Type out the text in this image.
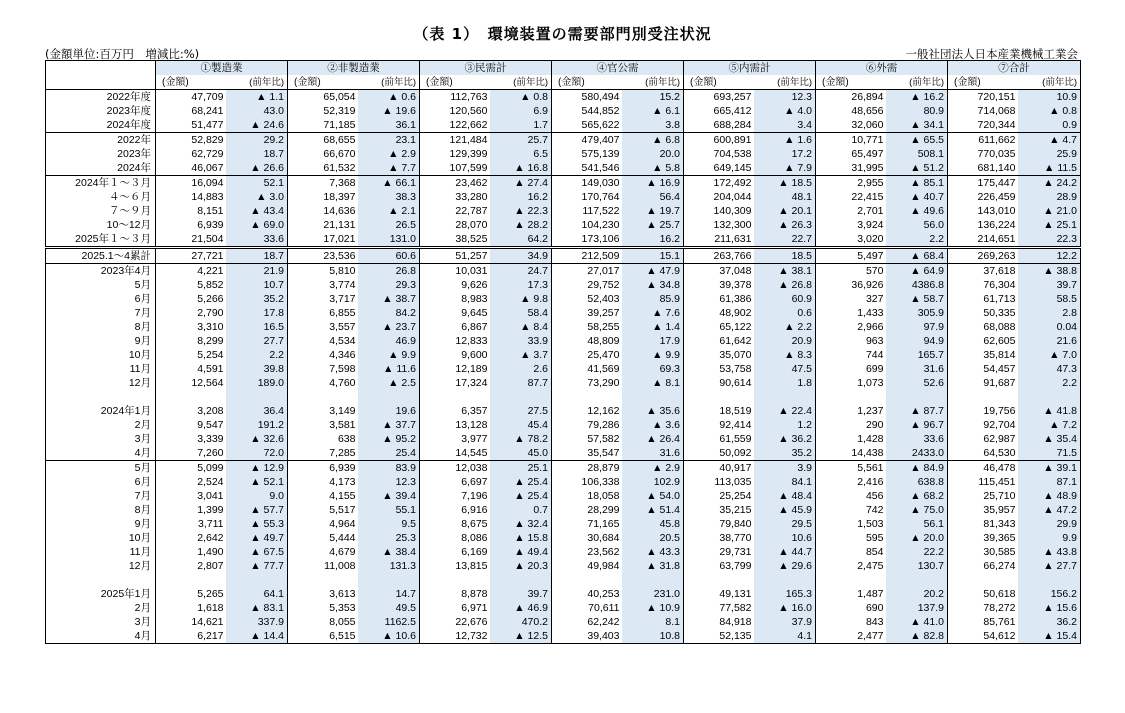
（表 1）　環境装置の需要部門別受注状況
(金額単位:百万円　増減比:%)	一般社団法人日本産業機械工業会
	①製造業		②非製造業		③民需計		④官公需		⑤内需計		⑥外需		⑦合計	
	(金額)	(前年比)	(金額)	(前年比)	(金額)	(前年比)	(金額)	(前年比)	(金額)	(前年比)	(金額)	(前年比)	(金額)	(前年比)
2022年度	47,709	▲ 1.1	65,054	▲ 0.6	112,763	▲ 0.8	580,494	15.2	693,257	12.3	26,894	▲ 16.2	720,151	10.9
2023年度	68,241	43.0	52,319	▲ 19.6	120,560	6.9	544,852	▲ 6.1	665,412	▲ 4.0	48,656	80.9	714,068	▲ 0.8
2024年度	51,477	▲ 24.6	71,185	36.1	122,662	1.7	565,622	3.8	688,284	3.4	32,060	▲ 34.1	720,344	0.9
2022年	52,829	29.2	68,655	23.1	121,484	25.7	479,407	▲ 6.8	600,891	▲ 1.6	10,771	▲ 65.5	611,662	▲ 4.7
2023年	62,729	18.7	66,670	▲ 2.9	129,399	6.5	575,139	20.0	704,538	17.2	65,497	508.1	770,035	25.9
2024年	46,067	▲ 26.6	61,532	▲ 7.7	107,599	▲ 16.8	541,546	▲ 5.8	649,145	▲ 7.9	31,995	▲ 51.2	681,140	▲ 11.5
2024年１～３月	16,094	52.1	7,368	▲ 66.1	23,462	▲ 27.4	149,030	▲ 16.9	172,492	▲ 18.5	2,955	▲ 85.1	175,447	▲ 24.2
４～６月	14,883	▲ 3.0	18,397	38.3	33,280	16.2	170,764	56.4	204,044	48.1	22,415	▲ 40.7	226,459	28.9
７～９月	8,151	▲ 43.4	14,636	▲ 2.1	22,787	▲ 22.3	117,522	▲ 19.7	140,309	▲ 20.1	2,701	▲ 49.6	143,010	▲ 21.0
10～12月	6,939	▲ 69.0	21,131	26.5	28,070	▲ 28.2	104,230	▲ 25.7	132,300	▲ 26.3	3,924	56.0	136,224	▲ 25.1
2025年１～３月	21,504	33.6	17,021	131.0	38,525	64.2	173,106	16.2	211,631	22.7	3,020	2.2	214,651	22.3
2025.1～4累計	27,721	18.7	23,536	60.6	51,257	34.9	212,509	15.1	263,766	18.5	5,497	▲ 68.4	269,263	12.2
2023年4月	4,221	21.9	5,810	26.8	10,031	24.7	27,017	▲ 47.9	37,048	▲ 38.1	570	▲ 64.9	37,618	▲ 38.8
5月	5,852	10.7	3,774	29.3	9,626	17.3	29,752	▲ 34.8	39,378	▲ 26.8	36,926	4386.8	76,304	39.7
6月	5,266	35.2	3,717	▲ 38.7	8,983	▲ 9.8	52,403	85.9	61,386	60.9	327	▲ 58.7	61,713	58.5
7月	2,790	17.8	6,855	84.2	9,645	58.4	39,257	▲ 7.6	48,902	0.6	1,433	305.9	50,335	2.8
8月	3,310	16.5	3,557	▲ 23.7	6,867	▲ 8.4	58,255	▲ 1.4	65,122	▲ 2.2	2,966	97.9	68,088	0.04
9月	8,299	27.7	4,534	46.9	12,833	33.9	48,809	17.9	61,642	20.9	963	94.9	62,605	21.6
10月	5,254	2.2	4,346	▲ 9.9	9,600	▲ 3.7	25,470	▲ 9.9	35,070	▲ 8.3	744	165.7	35,814	▲ 7.0
11月	4,591	39.8	7,598	▲ 11.6	12,189	2.6	41,569	69.3	53,758	47.5	699	31.6	54,457	47.3
12月	12,564	189.0	4,760	▲ 2.5	17,324	87.7	73,290	▲ 8.1	90,614	1.8	1,073	52.6	91,687	2.2

2024年1月	3,208	36.4	3,149	19.6	6,357	27.5	12,162	▲ 35.6	18,519	▲ 22.4	1,237	▲ 87.7	19,756	▲ 41.8
2月	9,547	191.2	3,581	▲ 37.7	13,128	45.4	79,286	▲ 3.6	92,414	1.2	290	▲ 96.7	92,704	▲ 7.2
3月	3,339	▲ 32.6	638	▲ 95.2	3,977	▲ 78.2	57,582	▲ 26.4	61,559	▲ 36.2	1,428	33.6	62,987	▲ 35.4
4月	7,260	72.0	7,285	25.4	14,545	45.0	35,547	31.6	50,092	35.2	14,438	2433.0	64,530	71.5
5月	5,099	▲ 12.9	6,939	83.9	12,038	25.1	28,879	▲ 2.9	40,917	3.9	5,561	▲ 84.9	46,478	▲ 39.1
6月	2,524	▲ 52.1	4,173	12.3	6,697	▲ 25.4	106,338	102.9	113,035	84.1	2,416	638.8	115,451	87.1
7月	3,041	9.0	4,155	▲ 39.4	7,196	▲ 25.4	18,058	▲ 54.0	25,254	▲ 48.4	456	▲ 68.2	25,710	▲ 48.9
8月	1,399	▲ 57.7	5,517	55.1	6,916	0.7	28,299	▲ 51.4	35,215	▲ 45.9	742	▲ 75.0	35,957	▲ 47.2
9月	3,711	▲ 55.3	4,964	9.5	8,675	▲ 32.4	71,165	45.8	79,840	29.5	1,503	56.1	81,343	29.9
10月	2,642	▲ 49.7	5,444	25.3	8,086	▲ 15.8	30,684	20.5	38,770	10.6	595	▲ 20.0	39,365	9.9
11月	1,490	▲ 67.5	4,679	▲ 38.4	6,169	▲ 49.4	23,562	▲ 43.3	29,731	▲ 44.7	854	22.2	30,585	▲ 43.8
12月	2,807	▲ 77.7	11,008	131.3	13,815	▲ 20.3	49,984	▲ 31.8	63,799	▲ 29.6	2,475	130.7	66,274	▲ 27.7

2025年1月	5,265	64.1	3,613	14.7	8,878	39.7	40,253	231.0	49,131	165.3	1,487	20.2	50,618	156.2
2月	1,618	▲ 83.1	5,353	49.5	6,971	▲ 46.9	70,611	▲ 10.9	77,582	▲ 16.0	690	137.9	78,272	▲ 15.6
3月	14,621	337.9	8,055	1162.5	22,676	470.2	62,242	8.1	84,918	37.9	843	▲ 41.0	85,761	36.2
4月	6,217	▲ 14.4	6,515	▲ 10.6	12,732	▲ 12.5	39,403	10.8	52,135	4.1	2,477	▲ 82.8	54,612	▲ 15.4
